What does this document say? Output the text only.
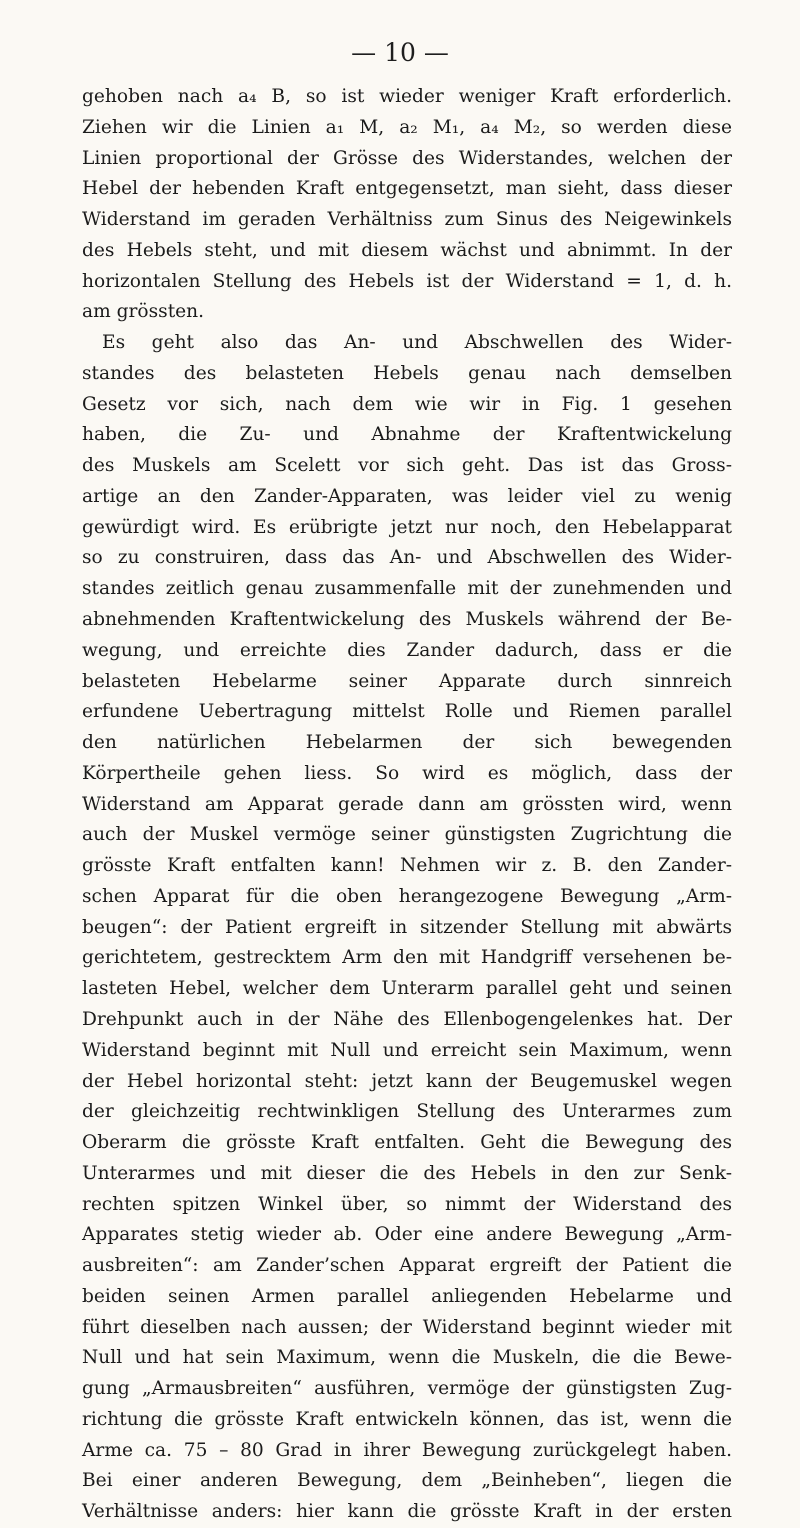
— 10 —
gehoben nach a₄ B, so ist wieder weniger Kraft erforderlich.
Ziehen wir die Linien a₁ M, a₂ M₁, a₄ M₂, so werden diese
Linien proportional der Grösse des Widerstandes, welchen der
Hebel der hebenden Kraft entgegensetzt, man sieht, dass dieser
Widerstand im geraden Verhältniss zum Sinus des Neigewinkels
des Hebels steht, und mit diesem wächst und abnimmt. In der
horizontalen Stellung des Hebels ist der Widerstand = 1, d. h.
am grössten.
Es geht also das An- und Abschwellen des Wider-
standes des belasteten Hebels genau nach demselben
Gesetz vor sich, nach dem wie wir in Fig. 1 gesehen
haben, die Zu- und Abnahme der Kraftentwickelung
des Muskels am Scelett vor sich geht. Das ist das Gross-
artige an den Zander-Apparaten, was leider viel zu wenig
gewürdigt wird. Es erübrigte jetzt nur noch, den Hebelapparat
so zu construiren, dass das An- und Abschwellen des Wider-
standes zeitlich genau zusammenfalle mit der zunehmenden und
abnehmenden Kraftentwickelung des Muskels während der Be-
wegung, und erreichte dies Zander dadurch, dass er die
belasteten Hebelarme seiner Apparate durch sinnreich
erfundene Uebertragung mittelst Rolle und Riemen parallel
den natürlichen Hebelarmen der sich bewegenden
Körpertheile gehen liess. So wird es möglich, dass der
Widerstand am Apparat gerade dann am grössten wird, wenn
auch der Muskel vermöge seiner günstigsten Zugrichtung die
grösste Kraft entfalten kann! Nehmen wir z. B. den Zander-
schen Apparat für die oben herangezogene Bewegung „Arm-
beugen“: der Patient ergreift in sitzender Stellung mit abwärts
gerichtetem, gestrecktem Arm den mit Handgriff versehenen be-
lasteten Hebel, welcher dem Unterarm parallel geht und seinen
Drehpunkt auch in der Nähe des Ellenbogengelenkes hat. Der
Widerstand beginnt mit Null und erreicht sein Maximum, wenn
der Hebel horizontal steht: jetzt kann der Beugemuskel wegen
der gleichzeitig rechtwinkligen Stellung des Unterarmes zum
Oberarm die grösste Kraft entfalten. Geht die Bewegung des
Unterarmes und mit dieser die des Hebels in den zur Senk-
rechten spitzen Winkel über, so nimmt der Widerstand des
Apparates stetig wieder ab. Oder eine andere Bewegung „Arm-
ausbreiten“: am Zander’schen Apparat ergreift der Patient die
beiden seinen Armen parallel anliegenden Hebelarme und
führt dieselben nach aussen; der Widerstand beginnt wieder mit
Null und hat sein Maximum, wenn die Muskeln, die die Bewe-
gung „Armausbreiten“ ausführen, vermöge der günstigsten Zug-
richtung die grösste Kraft entwickeln können, das ist, wenn die
Arme ca. 75 – 80 Grad in ihrer Bewegung zurückgelegt haben.
Bei einer anderen Bewegung, dem „Beinheben“, liegen die
Verhältnisse anders: hier kann die grösste Kraft in der ersten
